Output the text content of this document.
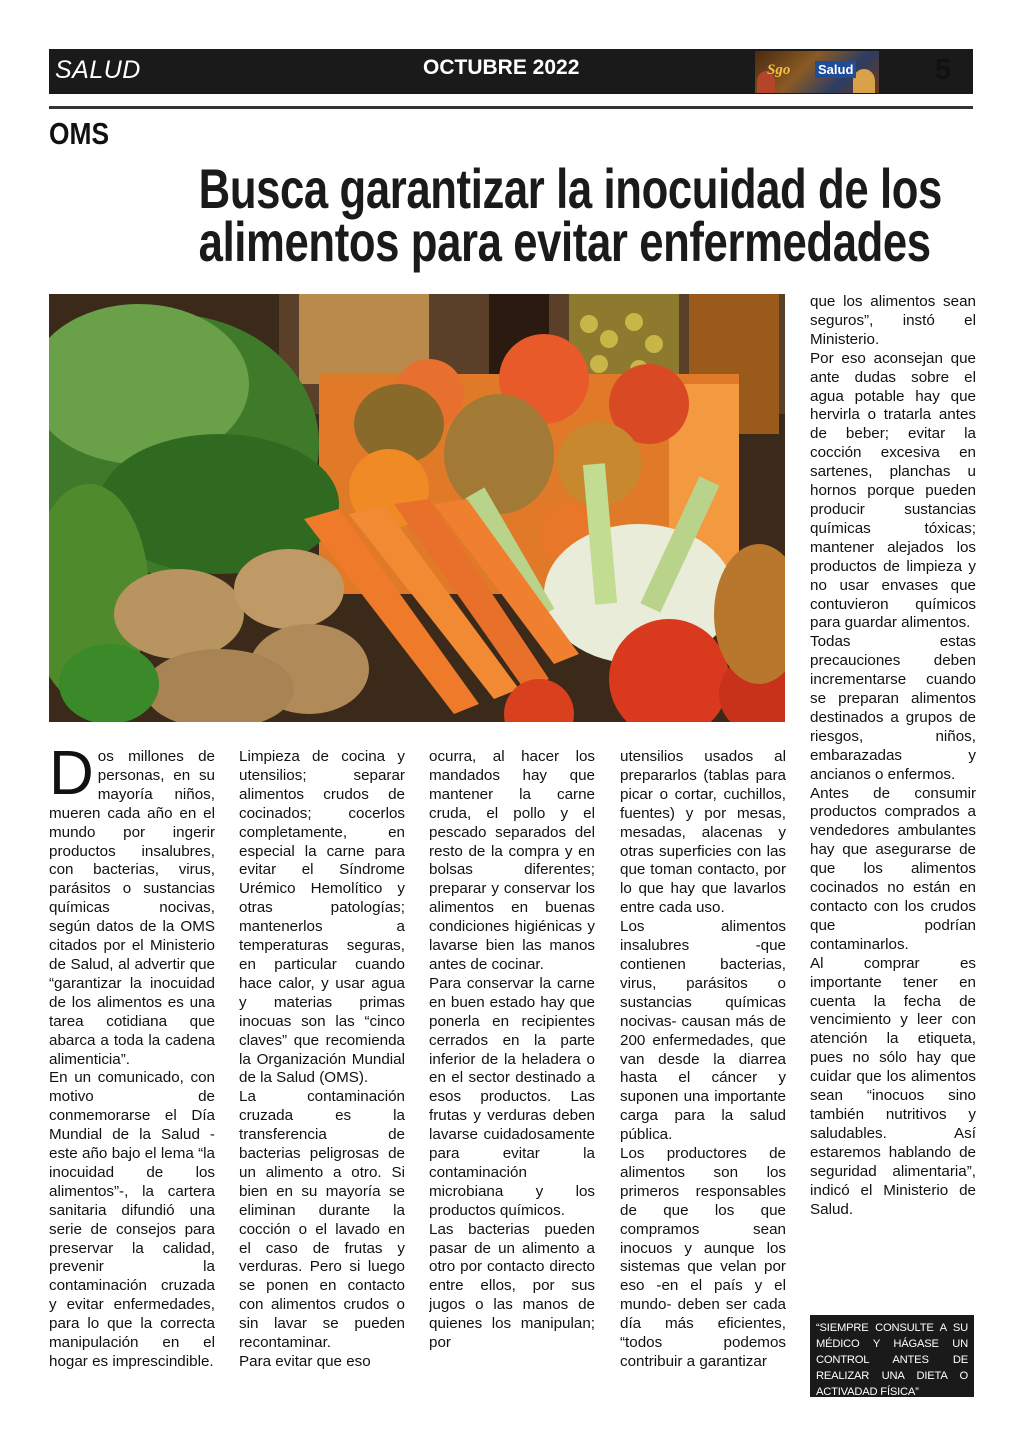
SALUD	OCTUBRE 2022	Sgo Salud	5
OMS
Busca garantizar la inocuidad de los
alimentos para evitar enfermedades
D os millones de personas, en su mayoría niños, mueren cada año en el mundo por ingerir productos insalubres, con bacterias, virus, parásitos o sustancias químicas nocivas, según datos de la OMS citados por el Ministerio de Salud, al advertir que “garantizar la inocuidad de los alimentos es una tarea cotidiana que abarca a toda la cadena alimenticia”.

En un comunicado, con motivo de conmemorarse el Día Mundial de la Salud -este año bajo el lema “la inocuidad de los alimentos”-, la cartera sanitaria difundió una serie de consejos para preservar la calidad, prevenir la contaminación cruzada y evitar enfermedades, para lo que la correcta manipulación en el hogar es imprescindible.

Limpieza de cocina y utensilios; separar alimentos crudos de cocinados; cocerlos completamente, en especial la carne para evitar el Síndrome Urémico Hemolítico y otras patologías; mantenerlos a temperaturas seguras, en particular cuando hace calor, y usar agua y materias primas inocuas son las “cinco claves” que recomienda la Organización Mundial de la Salud (OMS).

La contaminación cruzada es la transferencia de bacterias peligrosas de un alimento a otro. Si bien en su mayoría se eliminan durante la cocción o el lavado en el caso de frutas y verduras. Pero si luego se ponen en contacto con alimentos crudos o sin lavar se pueden recontaminar.

Para evitar que eso

ocurra, al hacer los mandados hay que mantener la carne cruda, el pollo y el pescado separados del resto de la compra y en bolsas diferentes; preparar y conservar los alimentos en buenas condiciones higiénicas y lavarse bien las manos antes de cocinar.

Para conservar la carne en buen estado hay que ponerla en recipientes cerrados en la parte inferior de la heladera o en el sector destinado a esos productos. Las frutas y verduras deben lavarse cuidadosamente para evitar la contaminación microbiana y los productos químicos.

Las bacterias pueden pasar de un alimento a otro por contacto directo entre ellos, por sus jugos o las manos de quienes los manipulan; por

utensilios usados al prepararlos (tablas para picar o cortar, cuchillos, fuentes) y por mesas, mesadas, alacenas y otras superficies con las que toman contacto, por lo que hay que lavarlos entre cada uso.

Los alimentos insalubres -que contienen bacterias, virus, parásitos o sustancias químicas nocivas- causan más de 200 enfermedades, que van desde la diarrea hasta el cáncer y suponen una importante carga para la salud pública.

Los productores de alimentos son los primeros responsables de que los que compramos sean inocuos y aunque los sistemas que velan por eso -en el país y el mundo- deben ser cada día más eficientes, “todos podemos contribuir a garantizar

que los alimentos sean seguros”, instó el Ministerio.

Por eso aconsejan que ante dudas sobre el agua potable hay que hervirla o tratarla antes de beber; evitar la cocción excesiva en sartenes, planchas u hornos porque pueden producir sustancias químicas tóxicas; mantener alejados los productos de limpieza y no usar envases que contuvieron químicos para guardar alimentos.

Todas estas precauciones deben incrementarse cuando se preparan alimentos destinados a grupos de riesgos, niños, embarazadas y ancianos o enfermos.

Antes de consumir productos comprados a vendedores ambulantes hay que asegurarse de que los alimentos cocinados no están en contacto con los crudos que podrían contaminarlos.

Al comprar es importante tener en cuenta la fecha de vencimiento y leer con atención la etiqueta, pues no sólo hay que cuidar que los alimentos sean “inocuos sino también nutritivos y saludables. Así estaremos hablando de seguridad alimentaria”, indicó el Ministerio de Salud.

“SIEMPRE CONSULTE A SU MÉDICO Y HÁGASE UN CONTROL ANTES DE REALIZAR UNA DIETA O ACTIVADAD FÍSICA”
